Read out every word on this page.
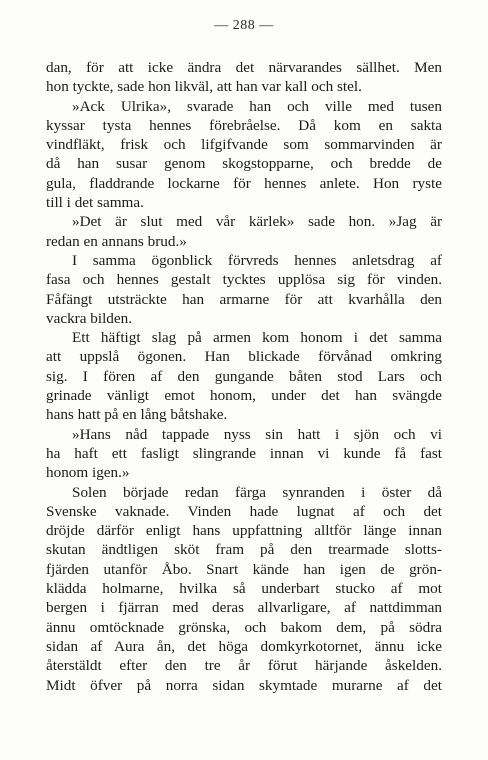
— 288 —
dan, för att icke ändra det närvarandes sällhet. Men
hon tyckte, sade hon likväl, att han var kall och stel.
»Ack Ulrika», svarade han och ville med tusen
kyssar tysta hennes förebråelse. Då kom en sakta
vindfläkt, frisk och lifgifvande som sommarvinden är
då han susar genom skogstopparne, och bredde de
gula, fladdrande lockarne för hennes anlete. Hon ryste
till i det samma.
»Det är slut med vår kärlek» sade hon. »Jag är
redan en annans brud.»
I samma ögonblick förvreds hennes anletsdrag af
fasa och hennes gestalt tycktes upplösa sig för vinden.
Fåfängt utsträckte han armarne för att kvarhålla den
vackra bilden.
Ett häftigt slag på armen kom honom i det samma
att uppslå ögonen. Han blickade förvånad omkring
sig. I fören af den gungande båten stod Lars och
grinade vänligt emot honom, under det han svängde
hans hatt på en lång båtshake.
»Hans nåd tappade nyss sin hatt i sjön och vi
ha haft ett fasligt slingrande innan vi kunde få fast
honom igen.»
Solen började redan färga synranden i öster då
Svenske vaknade. Vinden hade lugnat af och det
dröjde därför enligt hans uppfattning alltför länge innan
skutan ändtligen sköt fram på den trearmade slotts-
fjärden utanför Åbo. Snart kände han igen de grön-
klädda holmarne, hvilka så underbart stucko af mot
bergen i fjärran med deras allvarligare, af nattdimman
ännu omtöcknade grönska, och bakom dem, på södra
sidan af Aura ån, det höga domkyrkotornet, ännu icke
återstäldt efter den tre år förut härjande åskelden.
Midt öfver på norra sidan skymtade murarne af det
